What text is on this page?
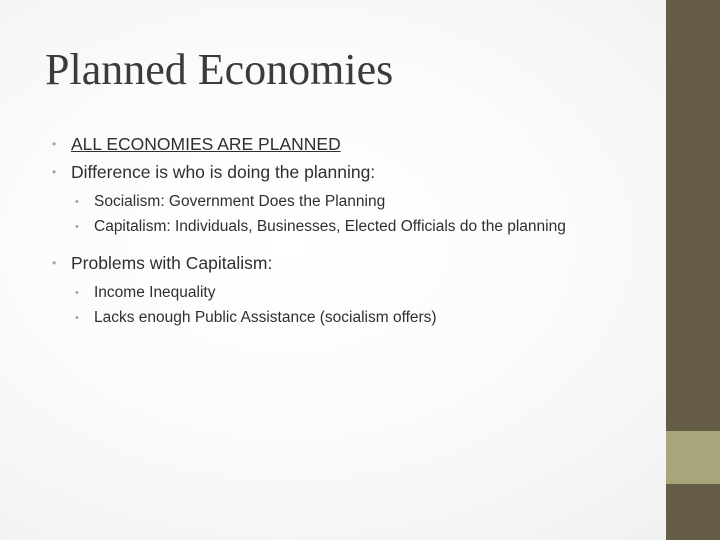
Planned Economies
• ALL ECONOMIES ARE PLANNED
• Difference is who is doing the planning:
• Socialism: Government Does the Planning
• Capitalism: Individuals, Businesses, Elected Officials do the planning
• Problems with Capitalism:
• Income Inequality
• Lacks enough Public Assistance (socialism offers)
